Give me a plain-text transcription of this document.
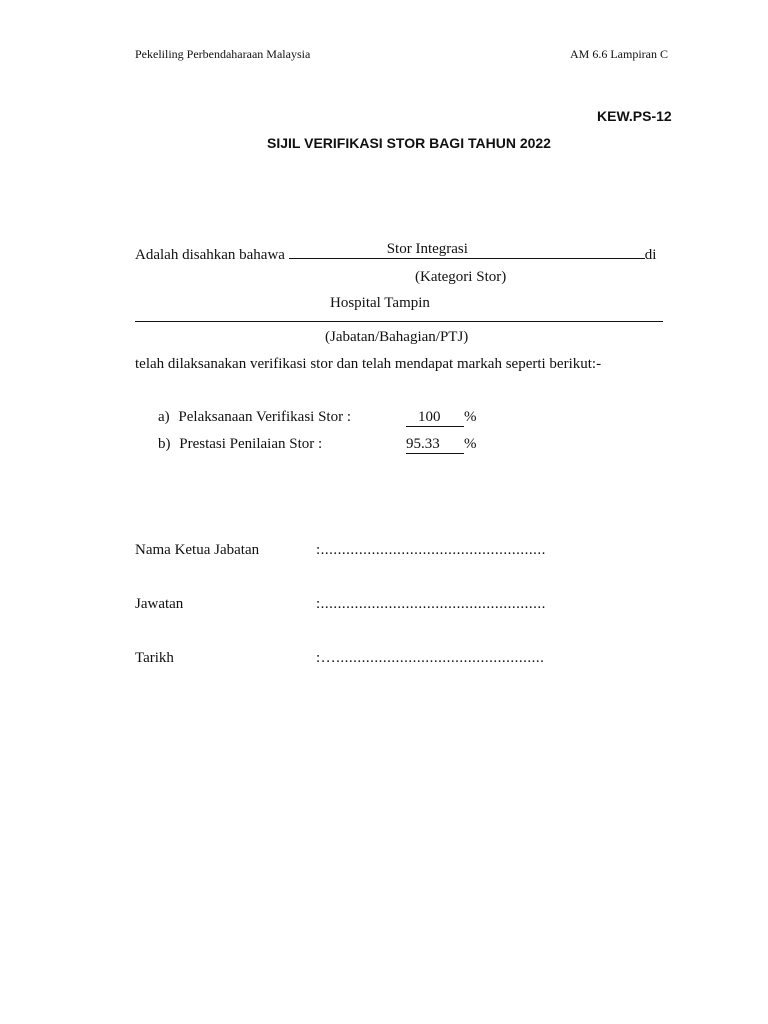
Pekeliling Perbendaharaan Malaysia	AM 6.6 Lampiran C
KEW.PS-12
SIJIL VERIFIKASI STOR BAGI TAHUN 2022
Adalah disahkan bahawa	Stor Integrasi	di
(Kategori Stor)
Hospital Tampin
(Jabatan/Bahagian/PTJ)
telah dilaksanakan verifikasi stor dan telah mendapat markah seperti berikut:-
a) Pelaksanaan Verifikasi Stor :	100 %
b) Prestasi Penilaian Stor :	95.33 %
Nama Ketua Jabatan	:.....................................................
Jawatan	:.....................................................
Tarikh	:….................................................
